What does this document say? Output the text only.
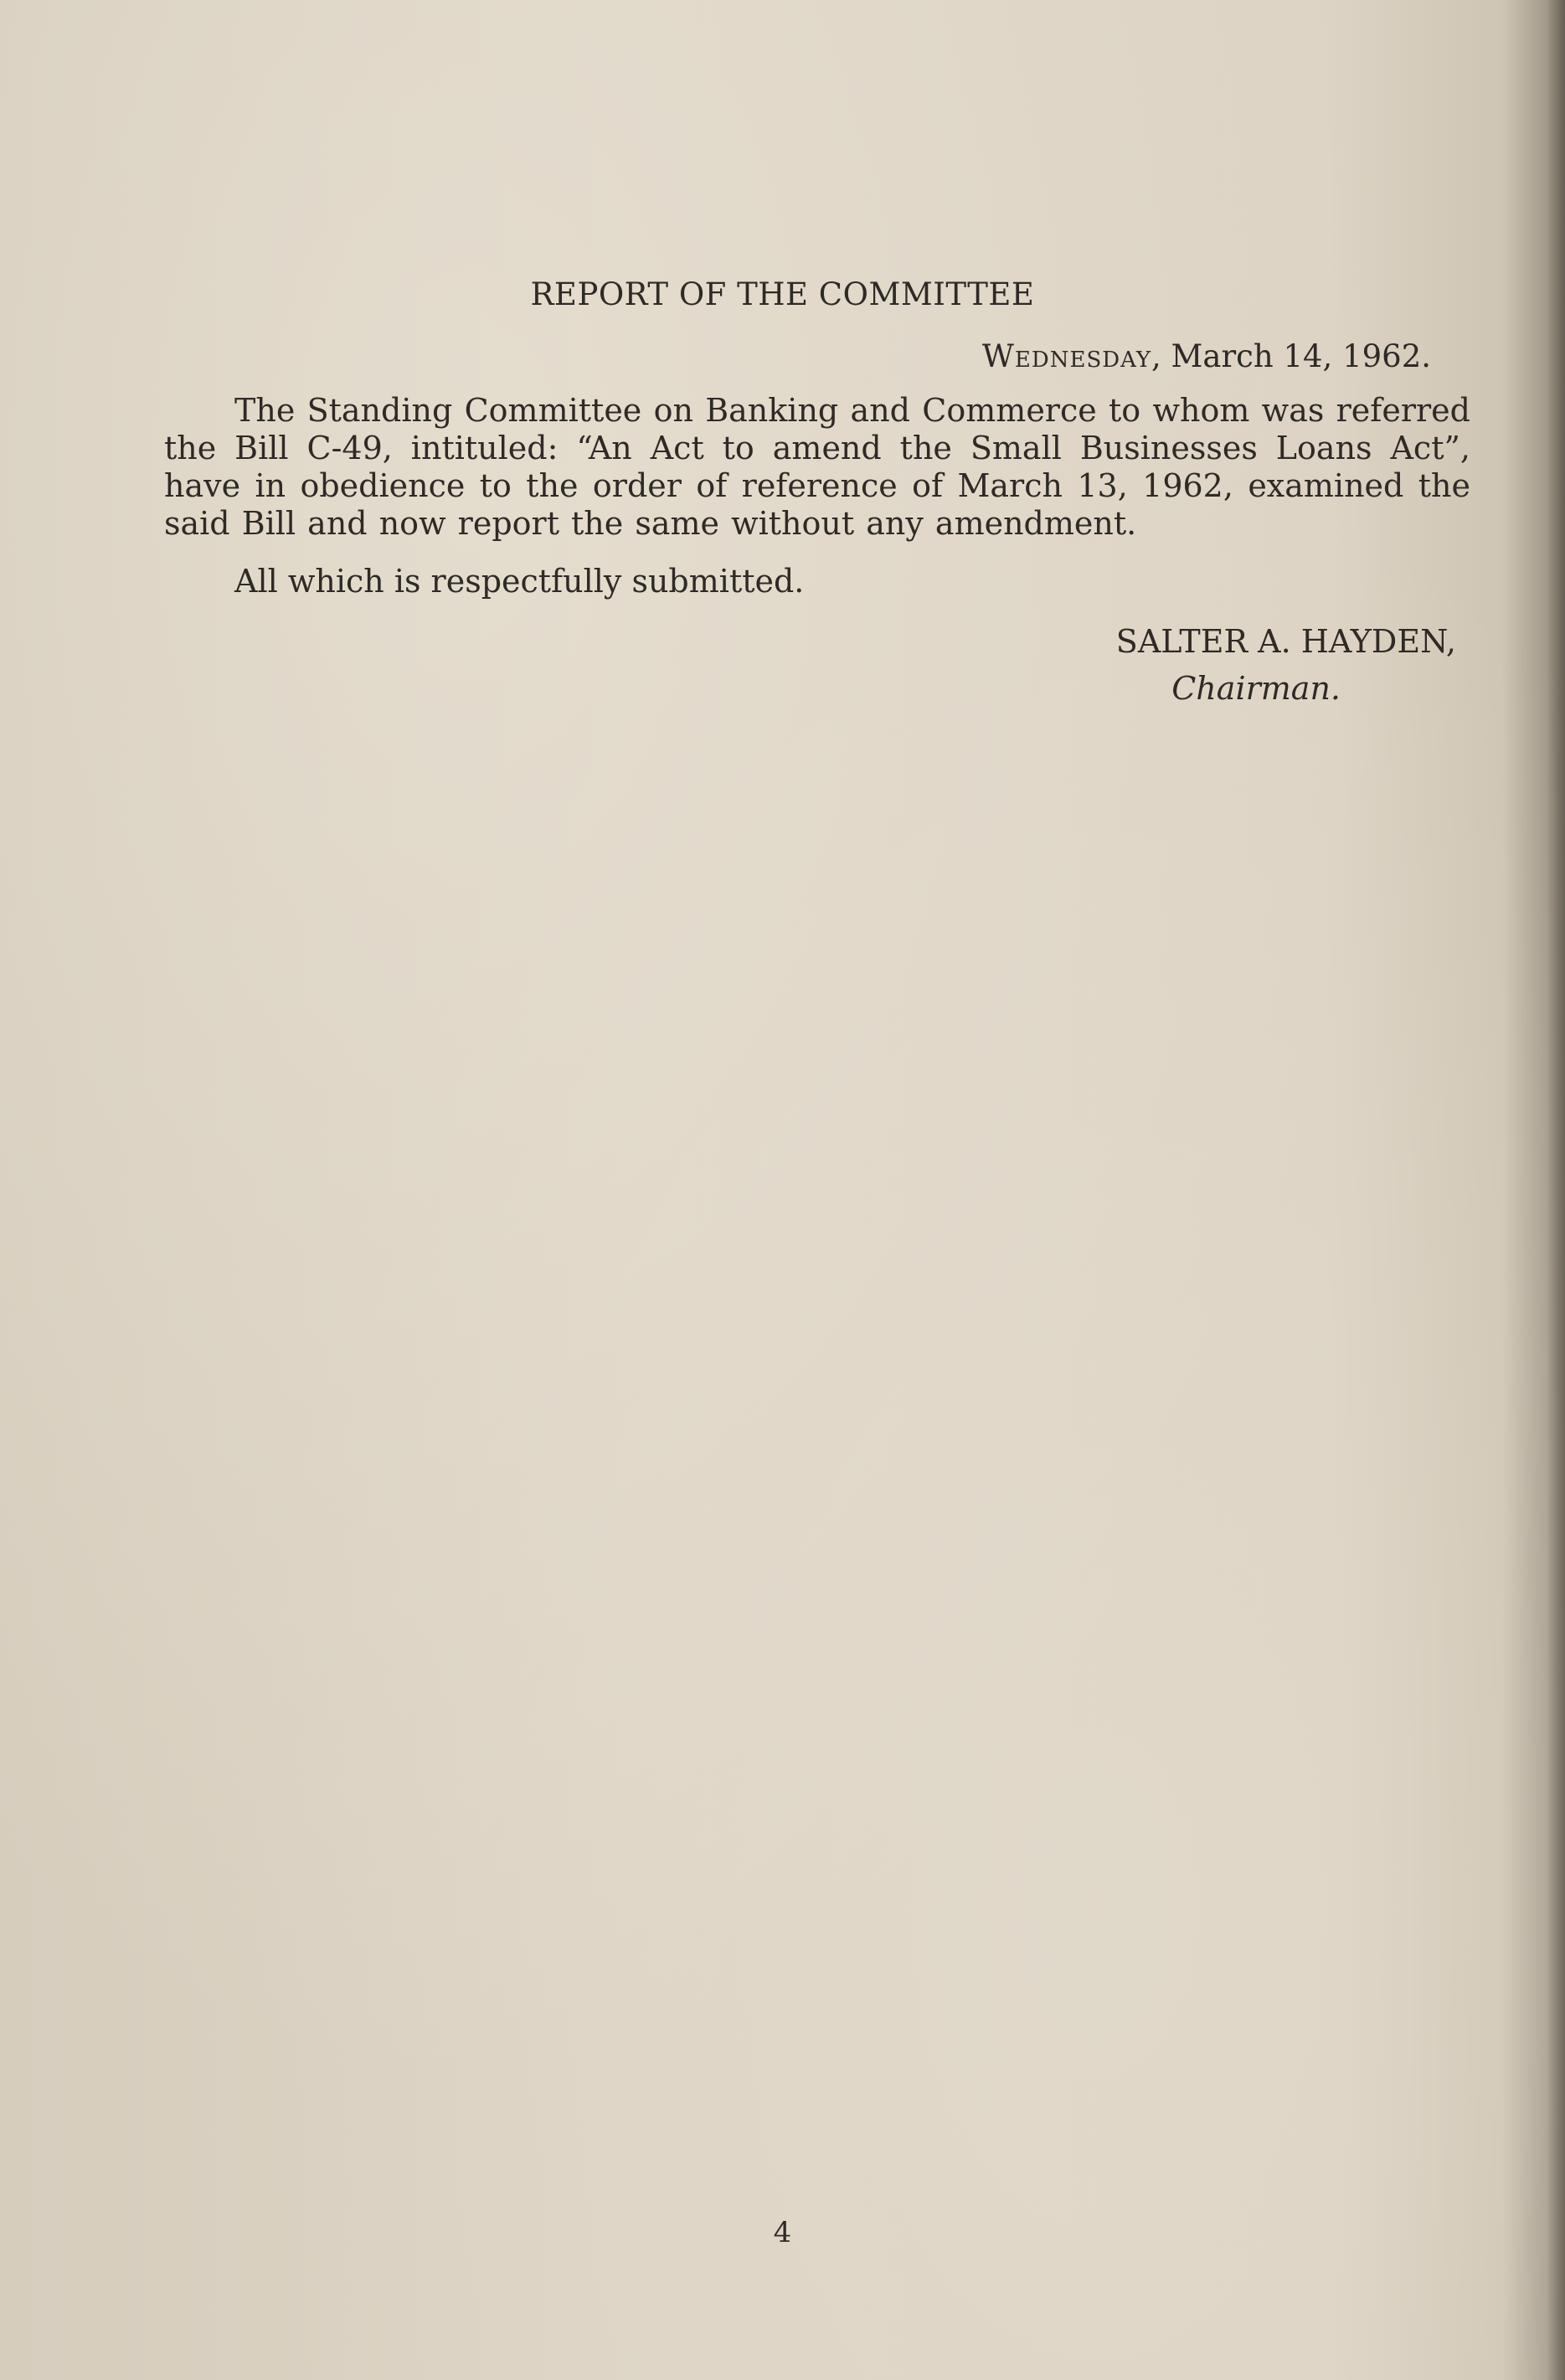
REPORT OF THE COMMITTEE
Wednesday, March 14, 1962.

The Standing Committee on Banking and Commerce to whom was referred the Bill C-49, intituled: “An Act to amend the Small Businesses Loans Act”, have in obedience to the order of reference of March 13, 1962, examined the said Bill and now report the same without any amendment.

All which is respectfully submitted.

SALTER A. HAYDEN,

Chairman.

4
